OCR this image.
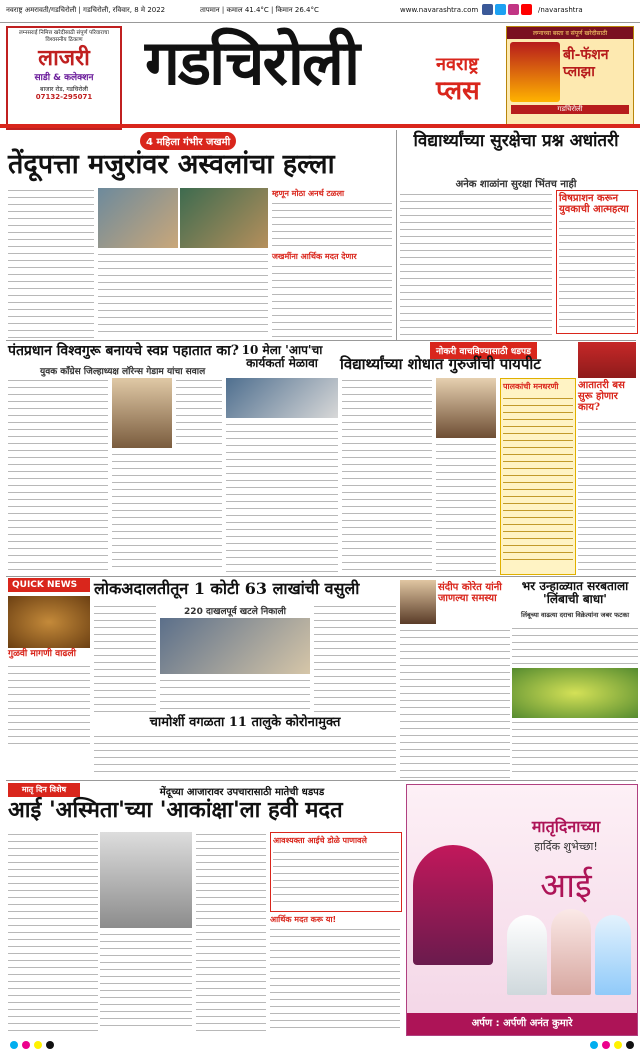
नवराष्ट्र अमरावती/गडचिरोली | गडचिरोली, रविवार, 8 मे 2022	तापमान | कमाल 41.4°C | किमान 26.4°C	www.navarashtra.com	/navarashtra
लग्नसराई निमित्त खरेदीसाठी संपूर्ण परिवाराचा विश्वसनीय ठिकाण
लाजरी
साडी & कलेक्शन
बाजार रोड, गडचिरोली
07132-295071 गडचिरोली	नवराष्ट्र
प्लस
लग्नाच्या बस्ता व संपूर्ण खरेदीसाठी
बी-फॅशन प्लाझा
गडचिरोली
4 महिला गंभीर जखमी
तेंदूपत्ता मजुरांवर अस्वलांचा हल्ला
म्हणून मोठा अनर्थ टळला
जखमींना आर्थिक मदत देणार
विद्यार्थ्यांच्या सुरक्षेचा प्रश्न अधांतरी
अनेक शाळांना सुरक्षा भिंतच नाही
विषप्राशन करून युवकाची आत्महत्या
पंतप्रधान विश्वगुरू बनायचे स्वप्न पहातात का?
युवक काँग्रेस जिल्हाध्यक्ष लॉरेन्स गेडाम यांचा सवाल
10 मेला 'आप'चा कार्यकर्ता मेळावा
नोकरी वाचविण्यासाठी धडपड
विद्यार्थ्यांच्या शोधात गुरुजींची पायपीट
पालकांची मनधरणी	आतातरी बस सुरू होणार काय?
QUICK NEWS
गुळवी मागणी वाढली
लोकअदालतीतून 1 कोटी 63 लाखांची वसुली
220 दाखलपूर्व खटले निकाली
संदीप कोरेत यांनी जाणल्या समस्या
भर उन्हाळ्यात सरबताला 'लिंबाची बाधा'
लिंबूच्या वाढत्या दराचा विक्रेत्यांना जबर फटका
चामोर्शी वगळता 11 तालुके कोरोनामुक्त
मातृ दिन विशेष	मेंदूच्या आजारावर उपचारासाठी मातेची धडपड
आई 'अस्मिता'च्या 'आकांक्षा'ला हवी मदत
आवश्यक्ता आईचे डोळे पाणावले
आर्थिक मदत करू या!
मातृदिनाच्या
हार्दिक शुभेच्छा!
आई
अर्पण : अर्पणी अनंत कुमारे
